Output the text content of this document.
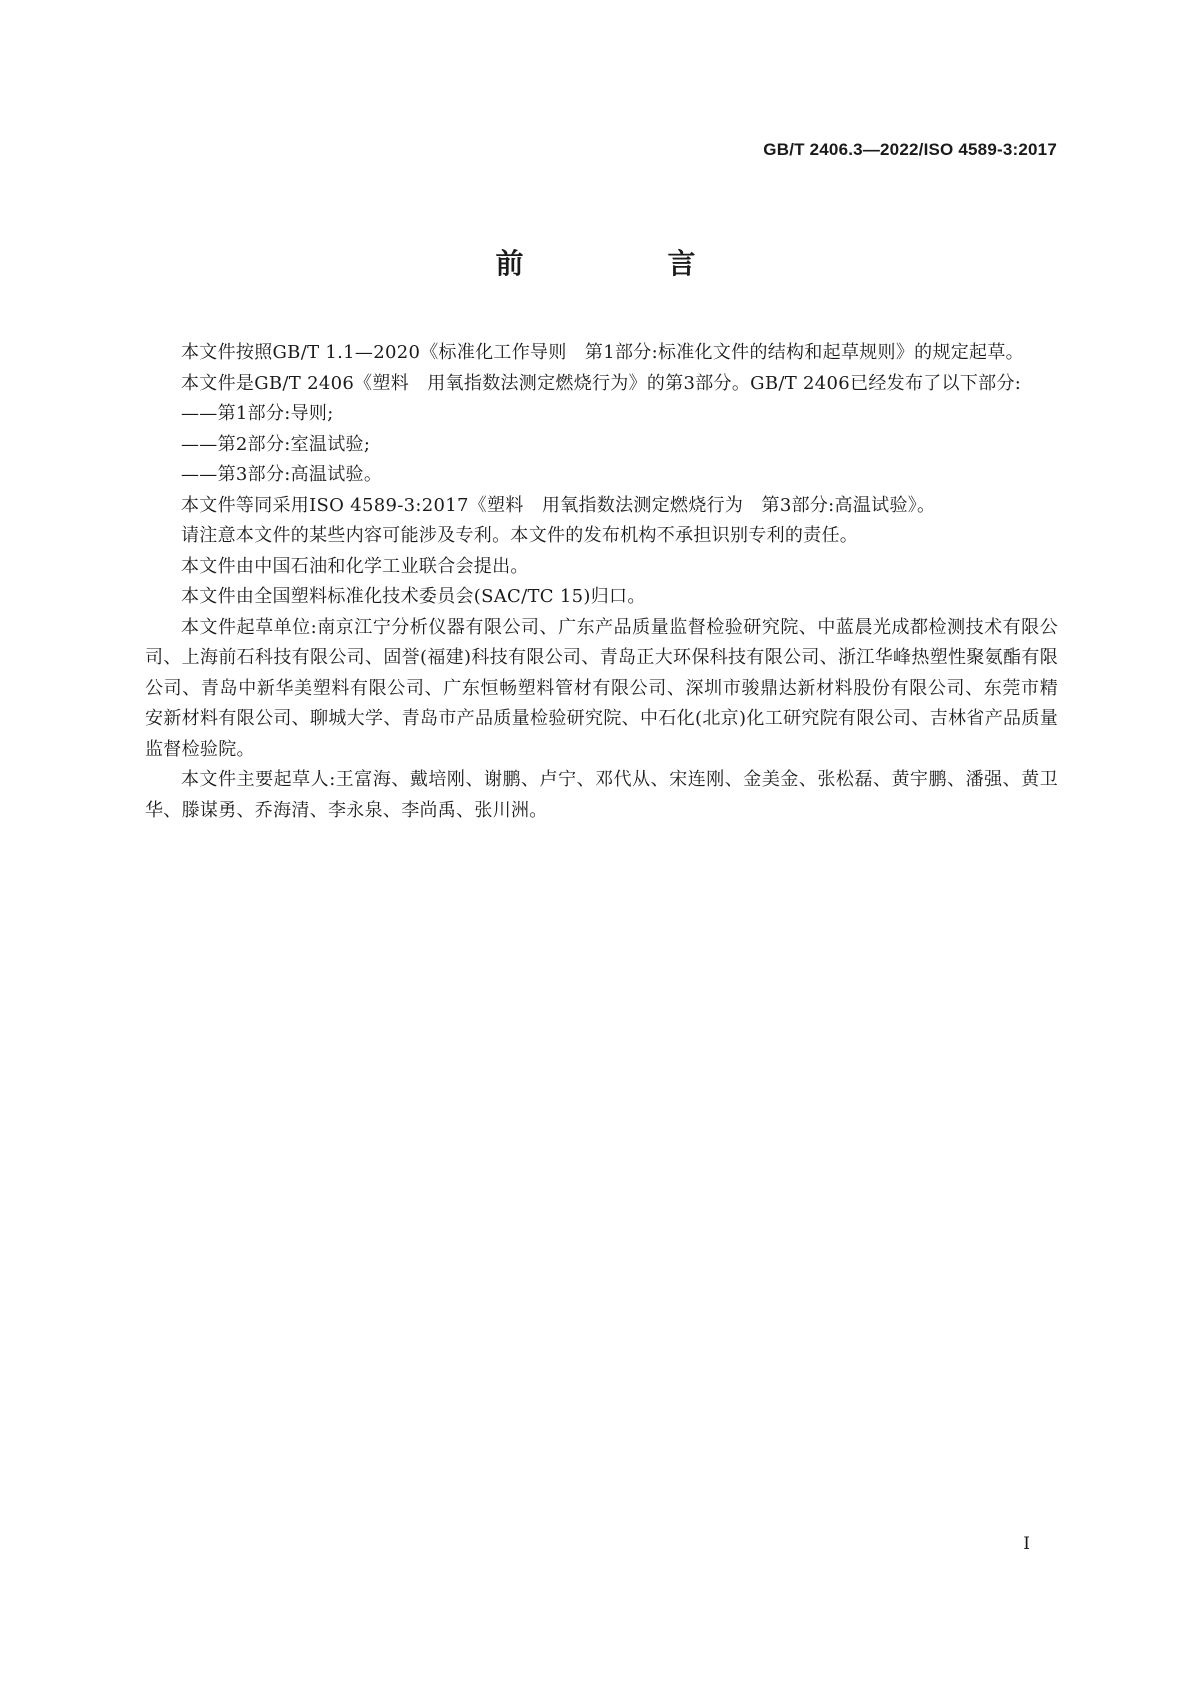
GB/T 2406.3—2022/ISO 4589-3:2017
前　言

本文件按照GB/T 1.1—2020《标准化工作导则　第1部分:标准化文件的结构和起草规则》的规定起草。

本文件是GB/T 2406《塑料　用氧指数法测定燃烧行为》的第3部分。GB/T 2406已经发布了以下部分:

——第1部分:导则;

——第2部分:室温试验;

——第3部分:高温试验。

本文件等同采用ISO 4589-3:2017《塑料　用氧指数法测定燃烧行为　第3部分:高温试验》。

请注意本文件的某些内容可能涉及专利。本文件的发布机构不承担识别专利的责任。

本文件由中国石油和化学工业联合会提出。

本文件由全国塑料标准化技术委员会(SAC/TC 15)归口。

本文件起草单位:南京江宁分析仪器有限公司、广东产品质量监督检验研究院、中蓝晨光成都检测技术有限公司、上海前石科技有限公司、固誉(福建)科技有限公司、青岛正大环保科技有限公司、浙江华峰热塑性聚氨酯有限公司、青岛中新华美塑料有限公司、广东恒畅塑料管材有限公司、深圳市骏鼎达新材料股份有限公司、东莞市精安新材料有限公司、聊城大学、青岛市产品质量检验研究院、中石化(北京)化工研究院有限公司、吉林省产品质量监督检验院。

本文件主要起草人:王富海、戴培刚、谢鹏、卢宁、邓代从、宋连刚、金美金、张松磊、黄宇鹏、潘强、黄卫华、滕谋勇、乔海清、李永泉、李尚禹、张川洲。

I
